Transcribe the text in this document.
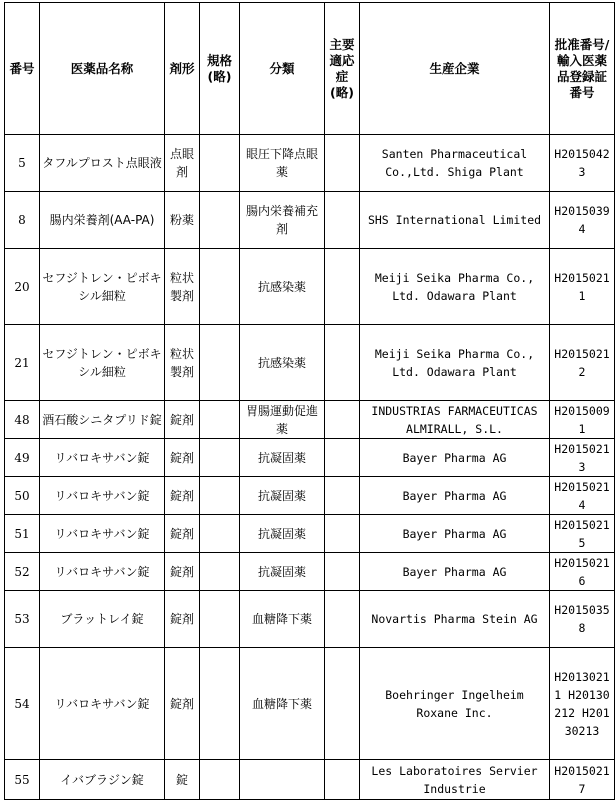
番号	医薬品名称	剤形	規格(略)	分類	主要適応症(略)	生産企業	批准番号/輸入医薬品登録証番号
5	タフルプロスト点眼液	点眼剤		眼圧下降点眼薬		Santen Pharmaceutical Co.,Ltd. Shiga Plant	H20150423
8	腸内栄養剤(AA-PA)	粉薬		腸内栄養補充剤		SHS International Limited	H20150394
20	セフジトレン・ピボキシル細粒	粒状製剤		抗感染薬		Meiji Seika Pharma Co., Ltd. Odawara Plant	H20150211
21	セフジトレン・ピボキシル細粒	粒状製剤		抗感染薬		Meiji Seika Pharma Co., Ltd. Odawara Plant	H20150212
48	酒石酸シニタプリド錠	錠剤		胃腸運動促進薬		INDUSTRIAS FARMACEUTICAS ALMIRALL, S.L.	H20150091
49	リバロキサバン錠	錠剤		抗凝固薬		Bayer Pharma AG	H20150213
50	リバロキサバン錠	錠剤		抗凝固薬		Bayer Pharma AG	H20150214
51	リバロキサバン錠	錠剤		抗凝固薬		Bayer Pharma AG	H20150215
52	リバロキサバン錠	錠剤		抗凝固薬		Bayer Pharma AG	H20150216
53	ブラットレイ錠	錠剤		血糖降下薬		Novartis Pharma Stein AG	H20150358
54	リバロキサバン錠	錠剤		血糖降下薬		Boehringer Ingelheim Roxane Inc.	H20130211 H20130212 H20130213
55	イバブラジン錠	錠				Les Laboratoires Servier Industrie	H20150217
